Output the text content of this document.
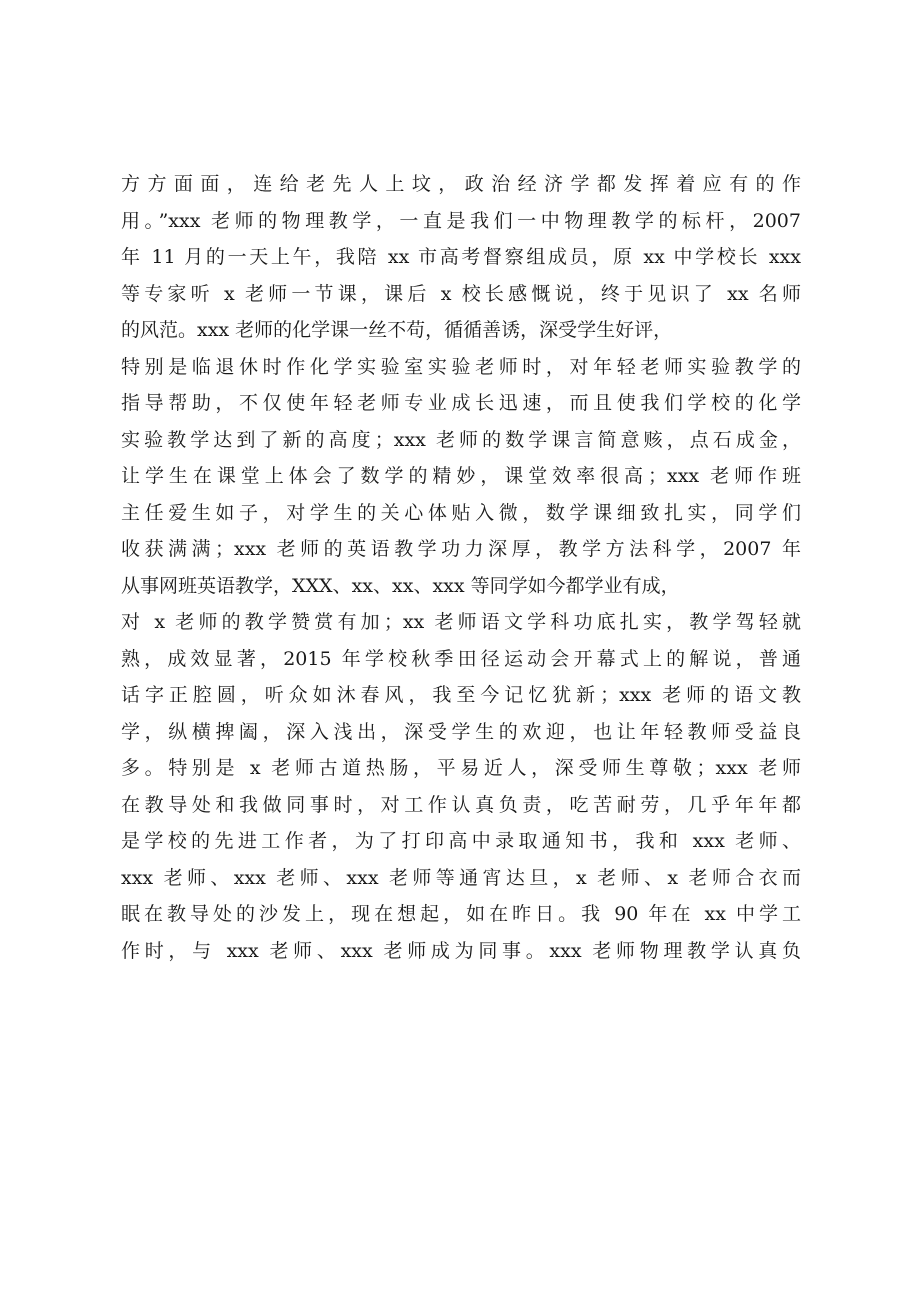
方方面面，连给老先人上坟，政治经济学都发挥着应有的作
用。”xxx 老师的物理教学，一直是我们一中物理教学的标杆，2007
年 11 月的一天上午，我陪 xx 市高考督察组成员，原 xx 中学校长 xxx
等专家听 x 老师一节课，课后 x 校长感慨说，终于见识了 xx 名师
的风范。xxx 老师的化学课一丝不苟，循循善诱，深受学生好评，
特别是临退休时作化学实验室实验老师时，对年轻老师实验教学的
指导帮助，不仅使年轻老师专业成长迅速，而且使我们学校的化学
实验教学达到了新的高度；xxx 老师的数学课言简意赅，点石成金，
让学生在课堂上体会了数学的精妙，课堂效率很高；xxx 老师作班
主任爱生如子，对学生的关心体贴入微，数学课细致扎实，同学们
收获满满；xxx 老师的英语教学功力深厚，教学方法科学，2007 年
从事网班英语教学，XXX、xx、xx、xxx 等同学如今都学业有成，
对 x 老师的教学赞赏有加；xx 老师语文学科功底扎实，教学驾轻就
熟，成效显著，2015 年学校秋季田径运动会开幕式上的解说，普通
话字正腔圆，听众如沐春风，我至今记忆犹新；xxx 老师的语文教
学，纵横捭阖，深入浅出，深受学生的欢迎，也让年轻教师受益良
多。特别是 x 老师古道热肠，平易近人，深受师生尊敬；xxx 老师
在教导处和我做同事时，对工作认真负责，吃苦耐劳，几乎年年都
是学校的先进工作者，为了打印高中录取通知书，我和 xxx 老师、
xxx 老师、xxx 老师、xxx 老师等通宵达旦，x 老师、x 老师合衣而
眠在教导处的沙发上，现在想起，如在昨日。我 90 年在 xx 中学工
作时，与 xxx 老师、xxx 老师成为同事。xxx 老师物理教学认真负
